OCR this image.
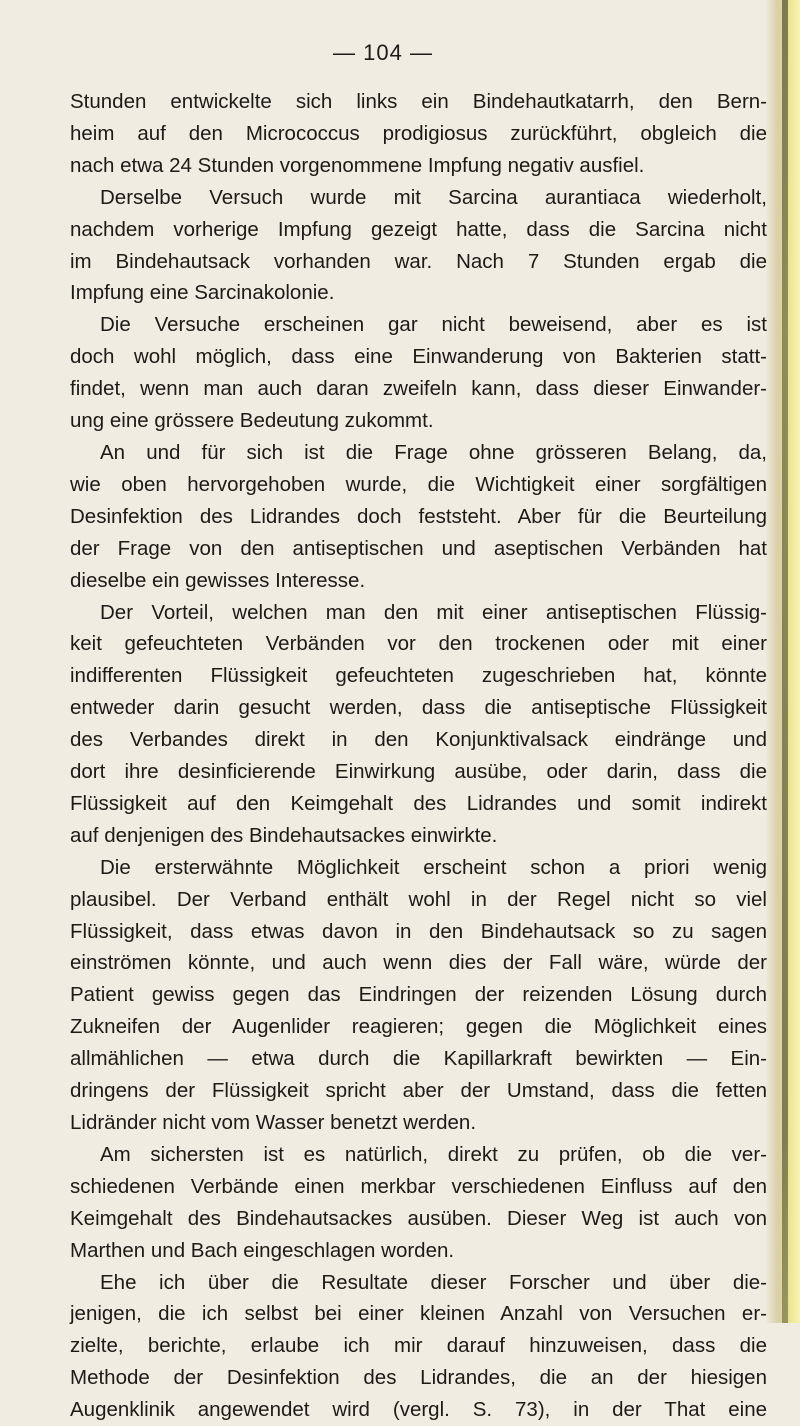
— 104 —
Stunden entwickelte sich links ein Bindehautkatarrh, den Bern-
heim auf den Micrococcus prodigiosus zurückführt, obgleich die
nach etwa 24 Stunden vorgenommene Impfung negativ ausfiel.
Derselbe Versuch wurde mit Sarcina aurantiaca wiederholt,
nachdem vorherige Impfung gezeigt hatte, dass die Sarcina nicht
im Bindehautsack vorhanden war. Nach 7 Stunden ergab die
Impfung eine Sarcinakolonie.
Die Versuche erscheinen gar nicht beweisend, aber es ist
doch wohl möglich, dass eine Einwanderung von Bakterien statt-
findet, wenn man auch daran zweifeln kann, dass dieser Einwander-
ung eine grössere Bedeutung zukommt.
An und für sich ist die Frage ohne grösseren Belang, da,
wie oben hervorgehoben wurde, die Wichtigkeit einer sorgfältigen
Desinfektion des Lidrandes doch feststeht. Aber für die Beurteilung
der Frage von den antiseptischen und aseptischen Verbänden hat
dieselbe ein gewisses Interesse.
Der Vorteil, welchen man den mit einer antiseptischen Flüssig-
keit gefeuchteten Verbänden vor den trockenen oder mit einer
indifferenten Flüssigkeit gefeuchteten zugeschrieben hat, könnte
entweder darin gesucht werden, dass die antiseptische Flüssigkeit
des Verbandes direkt in den Konjunktivalsack eindränge und
dort ihre desinficierende Einwirkung ausübe, oder darin, dass die
Flüssigkeit auf den Keimgehalt des Lidrandes und somit indirekt
auf denjenigen des Bindehautsackes einwirkte.
Die ersterwähnte Möglichkeit erscheint schon a priori wenig
plausibel. Der Verband enthält wohl in der Regel nicht so viel
Flüssigkeit, dass etwas davon in den Bindehautsack so zu sagen
einströmen könnte, und auch wenn dies der Fall wäre, würde der
Patient gewiss gegen das Eindringen der reizenden Lösung durch
Zukneifen der Augenlider reagieren; gegen die Möglichkeit eines
allmählichen — etwa durch die Kapillarkraft bewirkten — Ein-
dringens der Flüssigkeit spricht aber der Umstand, dass die fetten
Lidränder nicht vom Wasser benetzt werden.
Am sichersten ist es natürlich, direkt zu prüfen, ob die ver-
schiedenen Verbände einen merkbar verschiedenen Einfluss auf den
Keimgehalt des Bindehautsackes ausüben. Dieser Weg ist auch von
Marthen und Bach eingeschlagen worden.
Ehe ich über die Resultate dieser Forscher und über die-
jenigen, die ich selbst bei einer kleinen Anzahl von Versuchen er-
zielte, berichte, erlaube ich mir darauf hinzuweisen, dass die
Methode der Desinfektion des Lidrandes, die an der hiesigen
Augenklinik angewendet wird (vergl. S. 73), in der That eine
